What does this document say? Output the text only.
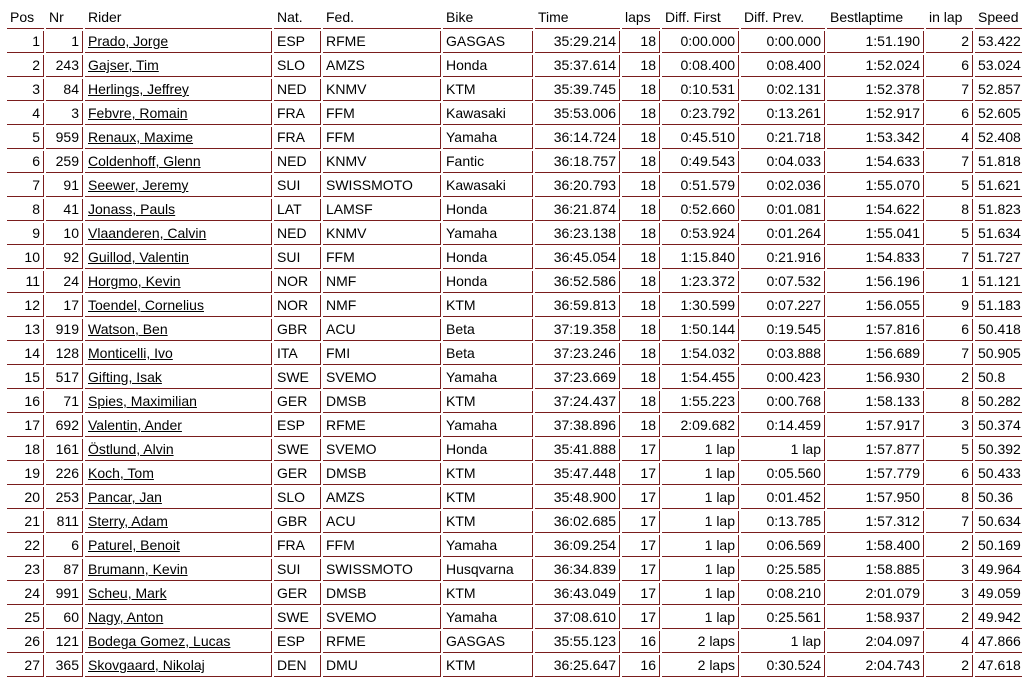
Pos	Nr	Rider	Nat.	Fed.	Bike	Time	laps	Diff. First	Diff. Prev.	Bestlaptime	in lap	Speed
1	1	Prado, Jorge	ESP	RFME	GASGAS	35:29.214	18	0:00.000	0:00.000	1:51.190	2	53.422
2	243	Gajser, Tim	SLO	AMZS	Honda	35:37.614	18	0:08.400	0:08.400	1:52.024	6	53.024
3	84	Herlings, Jeffrey	NED	KNMV	KTM	35:39.745	18	0:10.531	0:02.131	1:52.378	7	52.857
4	3	Febvre, Romain	FRA	FFM	Kawasaki	35:53.006	18	0:23.792	0:13.261	1:52.917	6	52.605
5	959	Renaux, Maxime	FRA	FFM	Yamaha	36:14.724	18	0:45.510	0:21.718	1:53.342	4	52.408
6	259	Coldenhoff, Glenn	NED	KNMV	Fantic	36:18.757	18	0:49.543	0:04.033	1:54.633	7	51.818
7	91	Seewer, Jeremy	SUI	SWISSMOTO	Kawasaki	36:20.793	18	0:51.579	0:02.036	1:55.070	5	51.621
8	41	Jonass, Pauls	LAT	LAMSF	Honda	36:21.874	18	0:52.660	0:01.081	1:54.622	8	51.823
9	10	Vlaanderen, Calvin	NED	KNMV	Yamaha	36:23.138	18	0:53.924	0:01.264	1:55.041	5	51.634
10	92	Guillod, Valentin	SUI	FFM	Honda	36:45.054	18	1:15.840	0:21.916	1:54.833	7	51.727
11	24	Horgmo, Kevin	NOR	NMF	Honda	36:52.586	18	1:23.372	0:07.532	1:56.196	1	51.121
12	17	Toendel, Cornelius	NOR	NMF	KTM	36:59.813	18	1:30.599	0:07.227	1:56.055	9	51.183
13	919	Watson, Ben	GBR	ACU	Beta	37:19.358	18	1:50.144	0:19.545	1:57.816	6	50.418
14	128	Monticelli, Ivo	ITA	FMI	Beta	37:23.246	18	1:54.032	0:03.888	1:56.689	7	50.905
15	517	Gifting, Isak	SWE	SVEMO	Yamaha	37:23.669	18	1:54.455	0:00.423	1:56.930	2	50.8
16	71	Spies, Maximilian	GER	DMSB	KTM	37:24.437	18	1:55.223	0:00.768	1:58.133	8	50.282
17	692	Valentin, Ander	ESP	RFME	Yamaha	37:38.896	18	2:09.682	0:14.459	1:57.917	3	50.374
18	161	Östlund, Alvin	SWE	SVEMO	Honda	35:41.888	17	1 lap	1 lap	1:57.877	5	50.392
19	226	Koch, Tom	GER	DMSB	KTM	35:47.448	17	1 lap	0:05.560	1:57.779	6	50.433
20	253	Pancar, Jan	SLO	AMZS	KTM	35:48.900	17	1 lap	0:01.452	1:57.950	8	50.36
21	811	Sterry, Adam	GBR	ACU	KTM	36:02.685	17	1 lap	0:13.785	1:57.312	7	50.634
22	6	Paturel, Benoit	FRA	FFM	Yamaha	36:09.254	17	1 lap	0:06.569	1:58.400	2	50.169
23	87	Brumann, Kevin	SUI	SWISSMOTO	Husqvarna	36:34.839	17	1 lap	0:25.585	1:58.885	3	49.964
24	991	Scheu, Mark	GER	DMSB	KTM	36:43.049	17	1 lap	0:08.210	2:01.079	3	49.059
25	60	Nagy, Anton	SWE	SVEMO	Yamaha	37:08.610	17	1 lap	0:25.561	1:58.937	2	49.942
26	121	Bodega Gomez, Lucas	ESP	RFME	GASGAS	35:55.123	16	2 laps	1 lap	2:04.097	4	47.866
27	365	Skovgaard, Nikolaj	DEN	DMU	KTM	36:25.647	16	2 laps	0:30.524	2:04.743	2	47.618
